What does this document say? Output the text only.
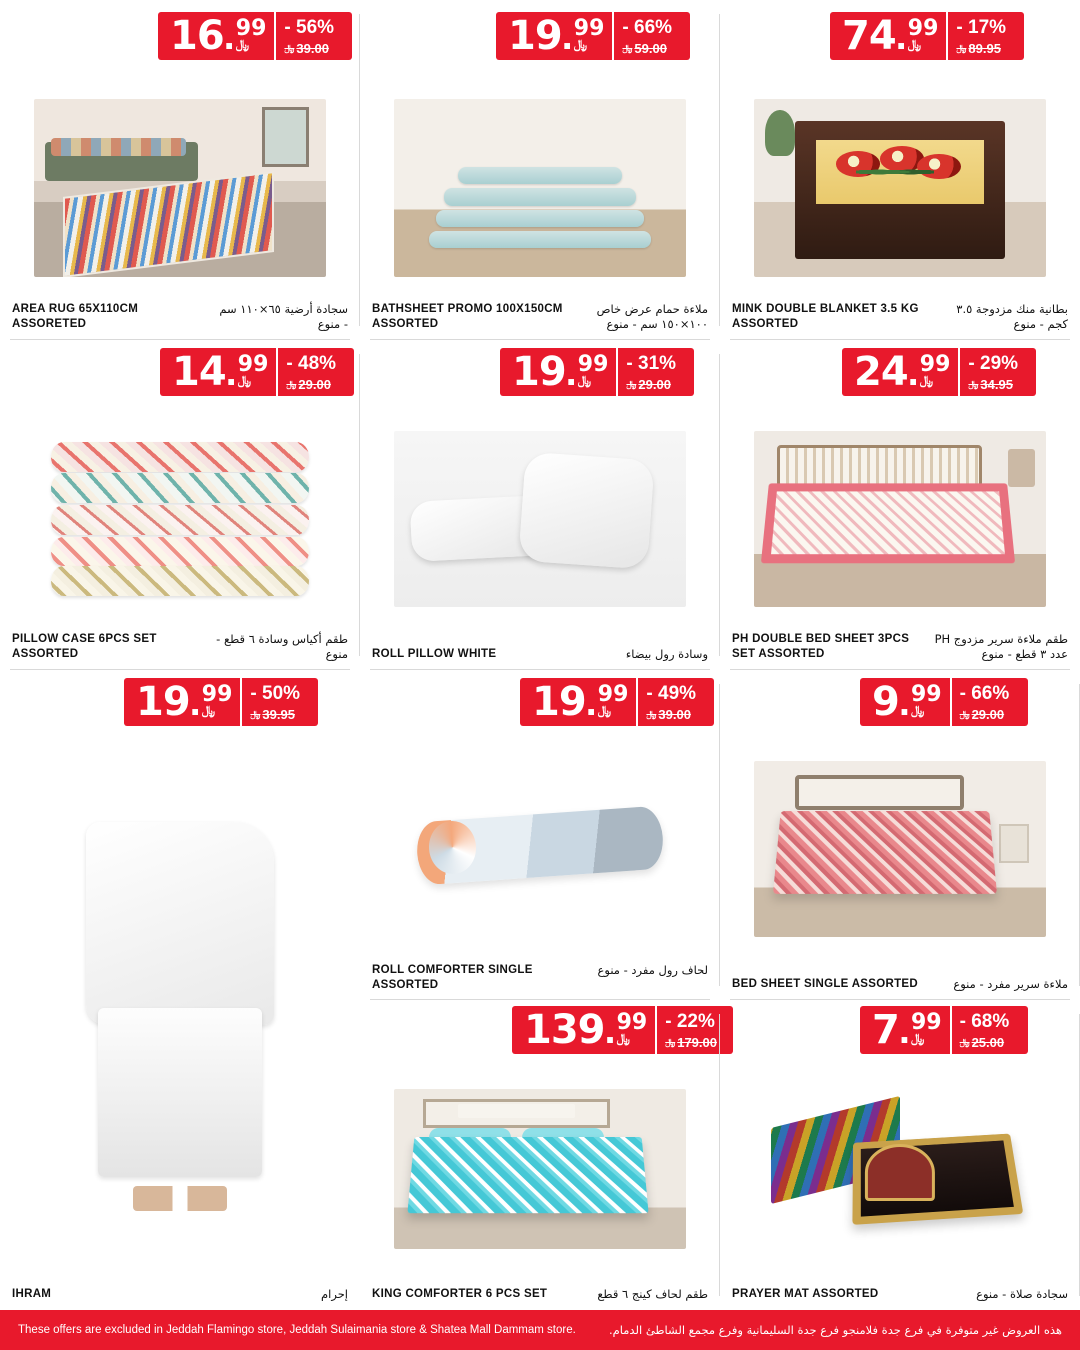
16 . 99
﷼
- 56%
﷼ 39.00
AREA RUG 65X110CM ASSORETED
سجادة أرضية ٦٥×١١٠ سم - منوع
19 . 99
﷼
- 66%
﷼ 59.00
BATHSHEET PROMO 100X150CM ASSORTED
ملاءة حمام عرض خاص ١٠٠×١٥٠ سم - منوع
74 . 99
﷼
- 17%
﷼ 89.95
MINK DOUBLE BLANKET 3.5 KG ASSORTED
بطانية منك مزدوجة ٣.٥ كجم - منوع
14 . 99
﷼
- 48%
﷼ 29.00
PILLOW CASE 6PCS SET ASSORTED
طقم أكياس وسادة ٦ قطع - منوع
19 . 99
﷼
- 31%
﷼ 29.00
ROLL PILLOW WHITE	وسادة رول بيضاء
24 . 99
﷼
- 29%
﷼ 34.95
PH DOUBLE BED SHEET 3PCS SET ASSORTED
طقم ملاءة سرير مزدوج PH عدد ٣ قطع - منوع
19 . 99
﷼
- 49%
﷼ 39.00
ROLL COMFORTER SINGLE ASSORTED
لحاف رول مفرد - منوع
9 . 99
﷼
- 66%
﷼ 29.00
BED SHEET SINGLE ASSORTED	ملاءة سرير مفرد - منوع
19 . 99
﷼
- 50%
﷼ 39.95
IHRAM	إحرام
139 . 99
﷼
- 22%
﷼ 179.00
KING COMFORTER 6 PCS SET	طقم لحاف كينج ٦ قطع
7 . 99
﷼
- 68%
﷼ 25.00
PRAYER MAT ASSORTED	سجادة صلاة - منوع
These offers are excluded in Jeddah Flamingo store, Jeddah Sulaimania store & Shatea Mall Dammam store.	هذه العروض غير متوفرة في فرع جدة فلامنجو فرع جدة السليمانية وفرع مجمع الشاطئ الدمام.
